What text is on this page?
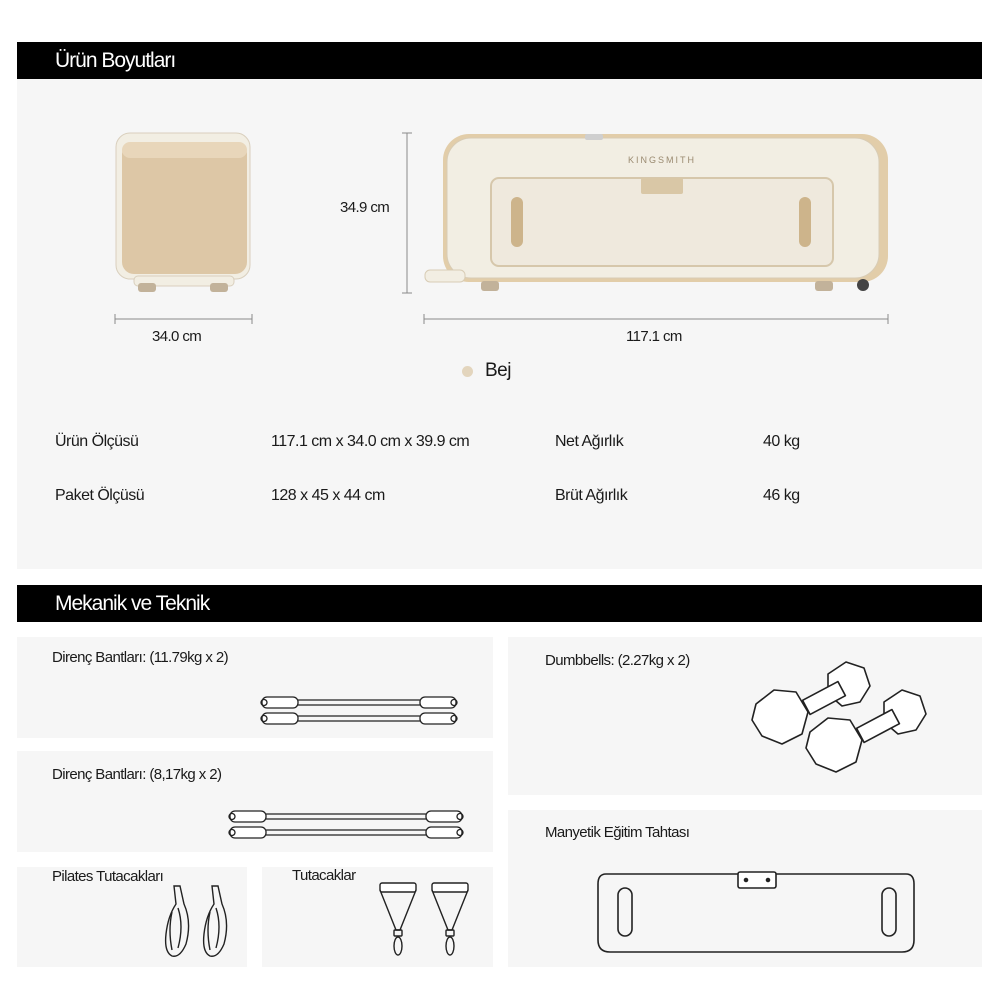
Ürün Boyutları
34.9 cm
KINGSMITH
34.0 cm	117.1 cm
Bej
Ürün Ölçüsü	117.1 cm x 34.0 cm x 39.9 cm	Net Ağırlık	40 kg
Paket Ölçüsü	128 x 45 x 44 cm	Brüt Ağırlık	46 kg
Mekanik ve Teknik
Direnç Bantları: (11.79kg x 2)	Dumbbells: (2.27kg x 2)
Direnç Bantları: (8,17kg x 2)
Manyetik Eğitim Tahtası
Pilates Tutacakları	Tutacaklar
